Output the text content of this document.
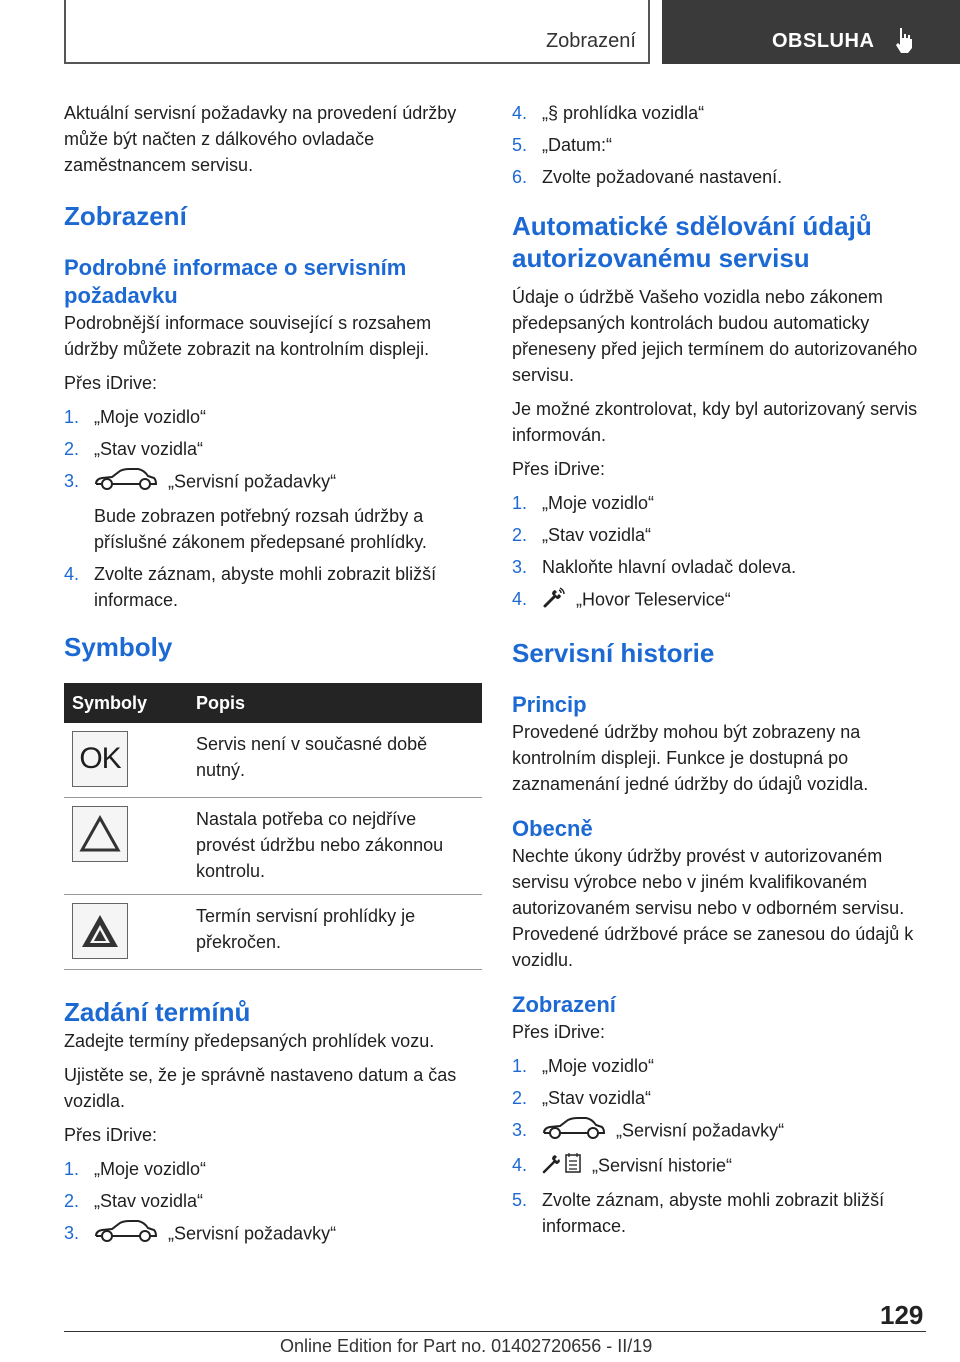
Zobrazení	OBSLUHA

Aktuální servisní požadavky na provedení údržby může být načten z dálkového ovladače zaměstnancem servisu.

Zobrazení
Podrobné informace o servisním požadavku

Podrobnější informace související s rozsahem údržby můžete zobrazit na kontrolním displeji.

Přes iDrive:

1. „Moje vozidlo“
2. „Stav vozidla“
3.	„Servisní požadavky“
Bude zobrazen potřebný rozsah údržby a příslušné zákonem předepsané prohlídky.
4. Zvolte záznam, abyste mohli zobrazit bližší informace.
Symboly
Symboly	Popis

OK	Servis není v současné době nutný.

	Nastala potřeba co nejdříve provést údržbu nebo zákonnou kontrolu.

	Termín servisní prohlídky je překročen.
Zadání termínů

Zadejte termíny předepsaných prohlídek vozu.

Ujistěte se, že je správně nastaveno datum a čas vozidla.

Přes iDrive:

1. „Moje vozidlo“
2. „Stav vozidla“
3.	„Servisní požadavky“
4. „§ prohlídka vozidla“
5. „Datum:“
6. Zvolte požadované nastavení.
Automatické sdělování údajů autorizovanému servisu

Údaje o údržbě Vašeho vozidla nebo zákonem předepsaných kontrolách budou automaticky přeneseny před jejich termínem do autorizovaného servisu.

Je možné zkontrolovat, kdy byl autorizovaný servis informován.

Přes iDrive:

1. „Moje vozidlo“
2. „Stav vozidla“
3. Nakloňte hlavní ovladač doleva.
4.	„Hovor Teleservice“
Servisní historie
Princip

Provedené údržby mohou být zobrazeny na kontrolním displeji. Funkce je dostupná po zaznamenání jedné údržby do údajů vozidla.

Obecně

Nechte úkony údržby provést v autorizovaném servisu výrobce nebo v jiném kvalifikovaném autorizovaném servisu nebo v odborném servisu. Provedené údržbové práce se zanesou do údajů k vozidlu.

Zobrazení

Přes iDrive:

1. „Moje vozidlo“
2. „Stav vozidla“
3.	„Servisní požadavky“
4.	„Servisní historie“
5. Zvolte záznam, abyste mohli zobrazit bližší informace.
129
Online Edition for Part no. 01402720656 - II/19
